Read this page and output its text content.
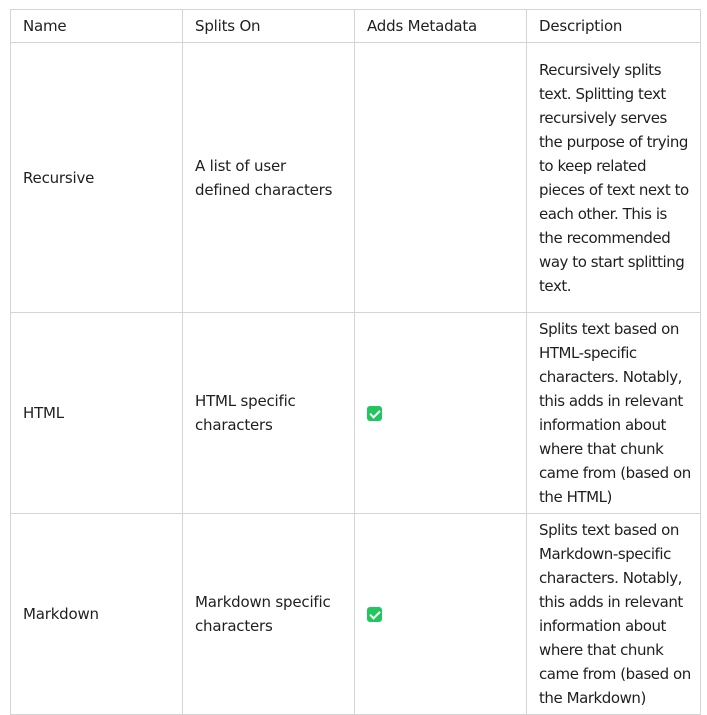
Name	Splits On	Adds Metadata	Description
Recursive	A list of user defined characters		Recursively splits text. Splitting text recursively serves the purpose of trying to keep related pieces of text next to each other. This is the recommended way to start splitting text.
HTML	HTML specific characters		Splits text based on HTML-specific characters. Notably, this adds in relevant information about where that chunk came from (based on the HTML)
Markdown	Markdown specific characters		Splits text based on Markdown-specific characters. Notably, this adds in relevant information about where that chunk came from (based on the Markdown)
